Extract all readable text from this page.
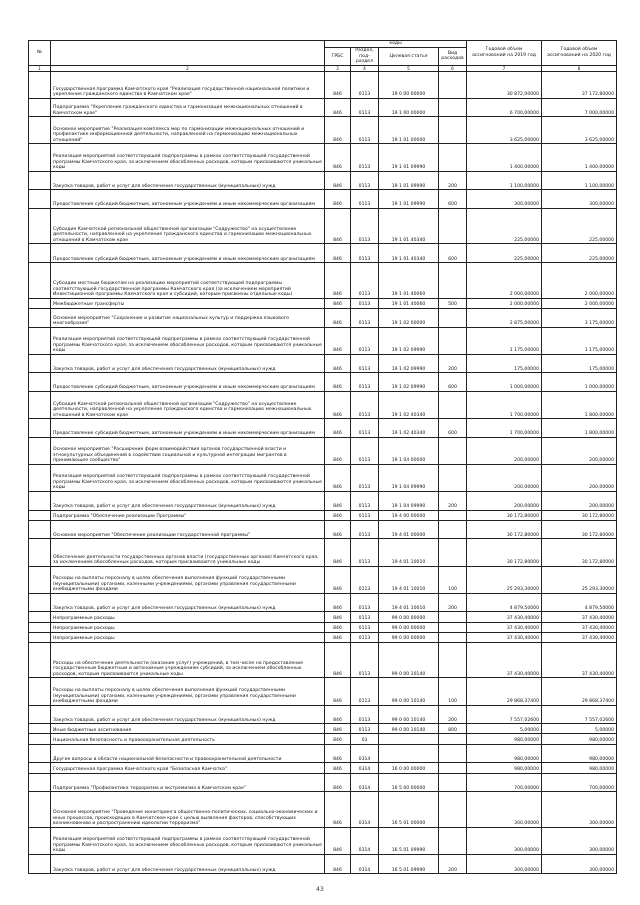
№		коды				Годовой объем ассигнований на 2019 год	Годовой объем ассигнований на 2020 год
		ГРБС	Раздел, под-раздел	Целевая статья	Вид расходов		
1	2	3	4	5	6	7	8
	Государственная программа Камчатского края "Реализация государственной национальной политики и укрепление гражданского единства в Камчатском крае"	846	0113	19 0 00 00000		30 872,00000	37 172,80000
	Подпрограмма "Укрепление гражданского единства и гармонизация межнациональных отношений в Камчатском крае"	846	0113	19 1 00 00000		6 700,00000	7 000,00000
	Основное мероприятие "Реализация комплекса мер по гармонизации межнациональных отношений и профилактике информационной деятельности, направленной на гармонизацию межнациональных отношений"	846	0113	19 1 01 00000		3 625,00000	3 625,00000
	Реализация мероприятий соответствующей подпрограммы в рамках соответствующей государственной программы Камчатского края, за исключением обособленных расходов, которым присваиваются уникальные коды	846	0113	19 1 01 09990		1 400,00000	1 400,00000
	Закупка товаров, работ и услуг для обеспечения государственных (муниципальных) нужд	846	0113	19 1 01 09990	200	1 100,00000	1 100,00000
	Предоставление субсидий бюджетным, автономным учреждениям и иным некоммерческим организациям	846	0113	19 1 01 09990	600	300,00000	300,00000
	Субсидия Камчатской региональной общественной организации "Содружество" на осуществление деятельности, направленной на укрепление гражданского единства и гармонизацию межнациональных отношений в Камчатском крае	846	0113	19 1 01 40340		225,00000	225,00000
	Предоставление субсидий бюджетным, автономным учреждениям и иным некоммерческим организациям	846	0113	19 1 01 40340	600	225,00000	225,00000
	Субсидии местным бюджетам на реализацию мероприятий соответствующей подпрограммы соответствующей государственной программы Камчатского края (за исключением мероприятий Инвестиционной программы Камчатского края и субсидий, которым присвоены отдельные коды)	846	0113	19 1 01 40060		2 000,00000	2 000,00000
	Межбюджетные трансферты	846	0113	19 1 01 40060	500	2 000,00000	2 000,00000
	Основное мероприятие "Сохранение и развитие национальных культур и поддержка языкового многообразия"	846	0113	19 1 02 00000		2 875,00000	3 175,00000
	Реализация мероприятий соответствующей подпрограммы в рамках соответствующей государственной программы Камчатского края, за исключением обособленных расходов, которым присваиваются уникальные коды	846	0113	19 1 02 09990		1 175,00000	1 175,00000
	Закупка товаров, работ и услуг для обеспечения государственных (муниципальных) нужд	846	0113	19 1 02 09990	200	175,00000	175,00000
	Предоставление субсидий бюджетным, автономным учреждениям и иным некоммерческим организациям	846	0113	19 1 02 09990	600	1 000,00000	1 000,00000
	Субсидия Камчатской региональной общественной организации "Содружество" на осуществление деятельности, направленной на укрепление гражданского единства и гармонизацию межнациональных отношений в Камчатском крае	846	0113	19 1 02 40340		1 700,00000	1 800,00000
	Предоставление субсидий бюджетным, автономным учреждениям и иным некоммерческим организациям	846	0113	19 1 02 40340	600	1 700,00000	1 800,00000
	Основное мероприятие "Расширение форм взаимодействия органов государственной власти и этнокультурных объединений в содействии социальной и культурной интеграции мигрантов в принимающее сообщество"	846	0113	19 1 04 00000		200,00000	200,00000
	Реализация мероприятий соответствующей подпрограммы в рамках соответствующей государственной программы Камчатского края, за исключением обособленных расходов, которым присваиваются уникальные коды	846	0113	19 1 04 09990		200,00000	200,00000
	Закупка товаров, работ и услуг для обеспечения государственных (муниципальных) нужд	846	0113	19 1 04 09990	200	200,00000	200,00000
	Подпрограмма "Обеспечение реализации Программы"	846	0113	19 4 00 00000		30 172,80000	30 172,80000
	Основное мероприятие "Обеспечение реализации государственной программы"	846	0113	19 4 01 00000		30 172,80000	30 172,80000
	Обеспечение деятельности государственных органов власти (государственных органов) Камчатского края, за исключением обособленных расходов, которым присваиваются уникальные коды	846	0113	19 4 01 10010		30 172,80000	30 172,80000
	Расходы на выплаты персоналу в целях обеспечения выполнения функций государственными (муниципальными) органами, казенными учреждениями, органами управления государственными внебюджетными фондами	846	0113	19 4 01 10010	100	25 293,30000	25 293,30000
	Закупка товаров, работ и услуг для обеспечения государственных (муниципальных) нужд	846	0113	19 4 01 10010	200	4 879,50000	4 879,50000
	Непрограммные расходы	846	0113	99 0 00 00000		37 430,40000	37 430,40000
	Непрограммные расходы	846	0113	99 0 00 00000		37 430,40000	37 430,40000
	Непрограммные расходы	846	0113	99 0 00 00000		37 430,40000	37 430,40000
	Расходы на обеспечение деятельности (оказание услуг) учреждений, в том числе на предоставление государственным бюджетным и автономным учреждениям субсидий, за исключением обособленных расходов, которым присваиваются уникальные коды	846	0113	99 0 00 10140		37 430,40000	37 430,40000
	Расходы на выплаты персоналу в целях обеспечения выполнения функций государственными (муниципальными) органами, казенными учреждениями, органами управления государственными внебюджетными фондами	846	0113	99 0 00 10140	100	29 868,37400	29 868,37400
	Закупка товаров, работ и услуг для обеспечения государственных (муниципальных) нужд	846	0113	99 0 00 10140	200	7 557,02600	7 557,02600
	Иные бюджетные ассигнования	846	0113	99 0 00 10140	800	5,00000	5,00000
	Национальная безопасность и правоохранительная деятельность	846	03			980,00000	980,00000
	Другие вопросы в области национальной безопасности и правоохранительной деятельности	846	0314			980,00000	980,00000
	Государственная программа Камчатского края "Безопасная Камчатка"	846	0314	16 0 00 00000		980,00000	980,00000
	Подпрограмма "Профилактика терроризма и экстремизма в Камчатском крае"	846	0314	16 5 00 00000		700,00000	700,00000
	Основное мероприятие "Проведение мониторинга общественно-политических, социально-экономических и иных процессов, происходящих в Камчатском крае с целью выявления факторов, способствующих возникновению и распространению идеологии терроризма"	846	0314	16 5 01 00000		300,00000	300,00000
	Реализация мероприятий соответствующей подпрограммы в рамках соответствующей государственной программы Камчатского края, за исключением обособленных расходов, которым присваиваются уникальные коды	846	0314	16 5 01 09990		300,00000	300,00000
	Закупка товаров, работ и услуг для обеспечения государственных (муниципальных) нужд	846	0314	16 5 01 09990	200	300,00000	300,00000
43
